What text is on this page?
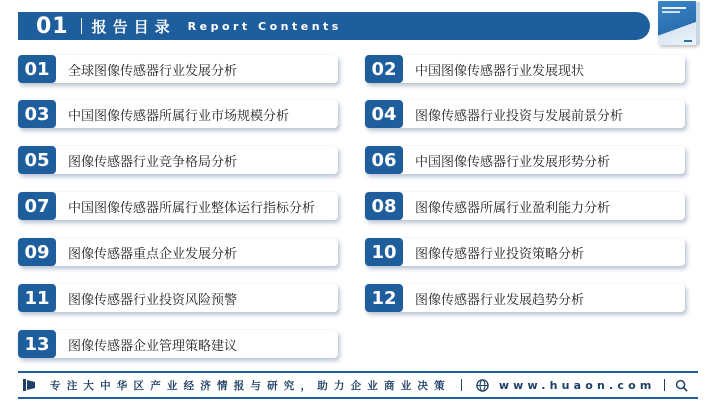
01 报告目录 Report Contents
01	全球图像传感器行业发展分析	02	中国图像传感器行业发展现状
03	中国图像传感器所属行业市场规模分析	04	图像传感器行业投资与发展前景分析
05	图像传感器行业竞争格局分析	06	中国图像传感器行业发展形势分析
07	中国图像传感器所属行业整体运行指标分析	08	图像传感器所属行业盈利能力分析
09	图像传感器重点企业发展分析	10	图像传感器行业投资策略分析
11	图像传感器行业投资风险预警	12	图像传感器行业发展趋势分析
13	图像传感器企业管理策略建议
专注大中华区产业经济情报与研究，助力企业商业决策	www.huaon.com
